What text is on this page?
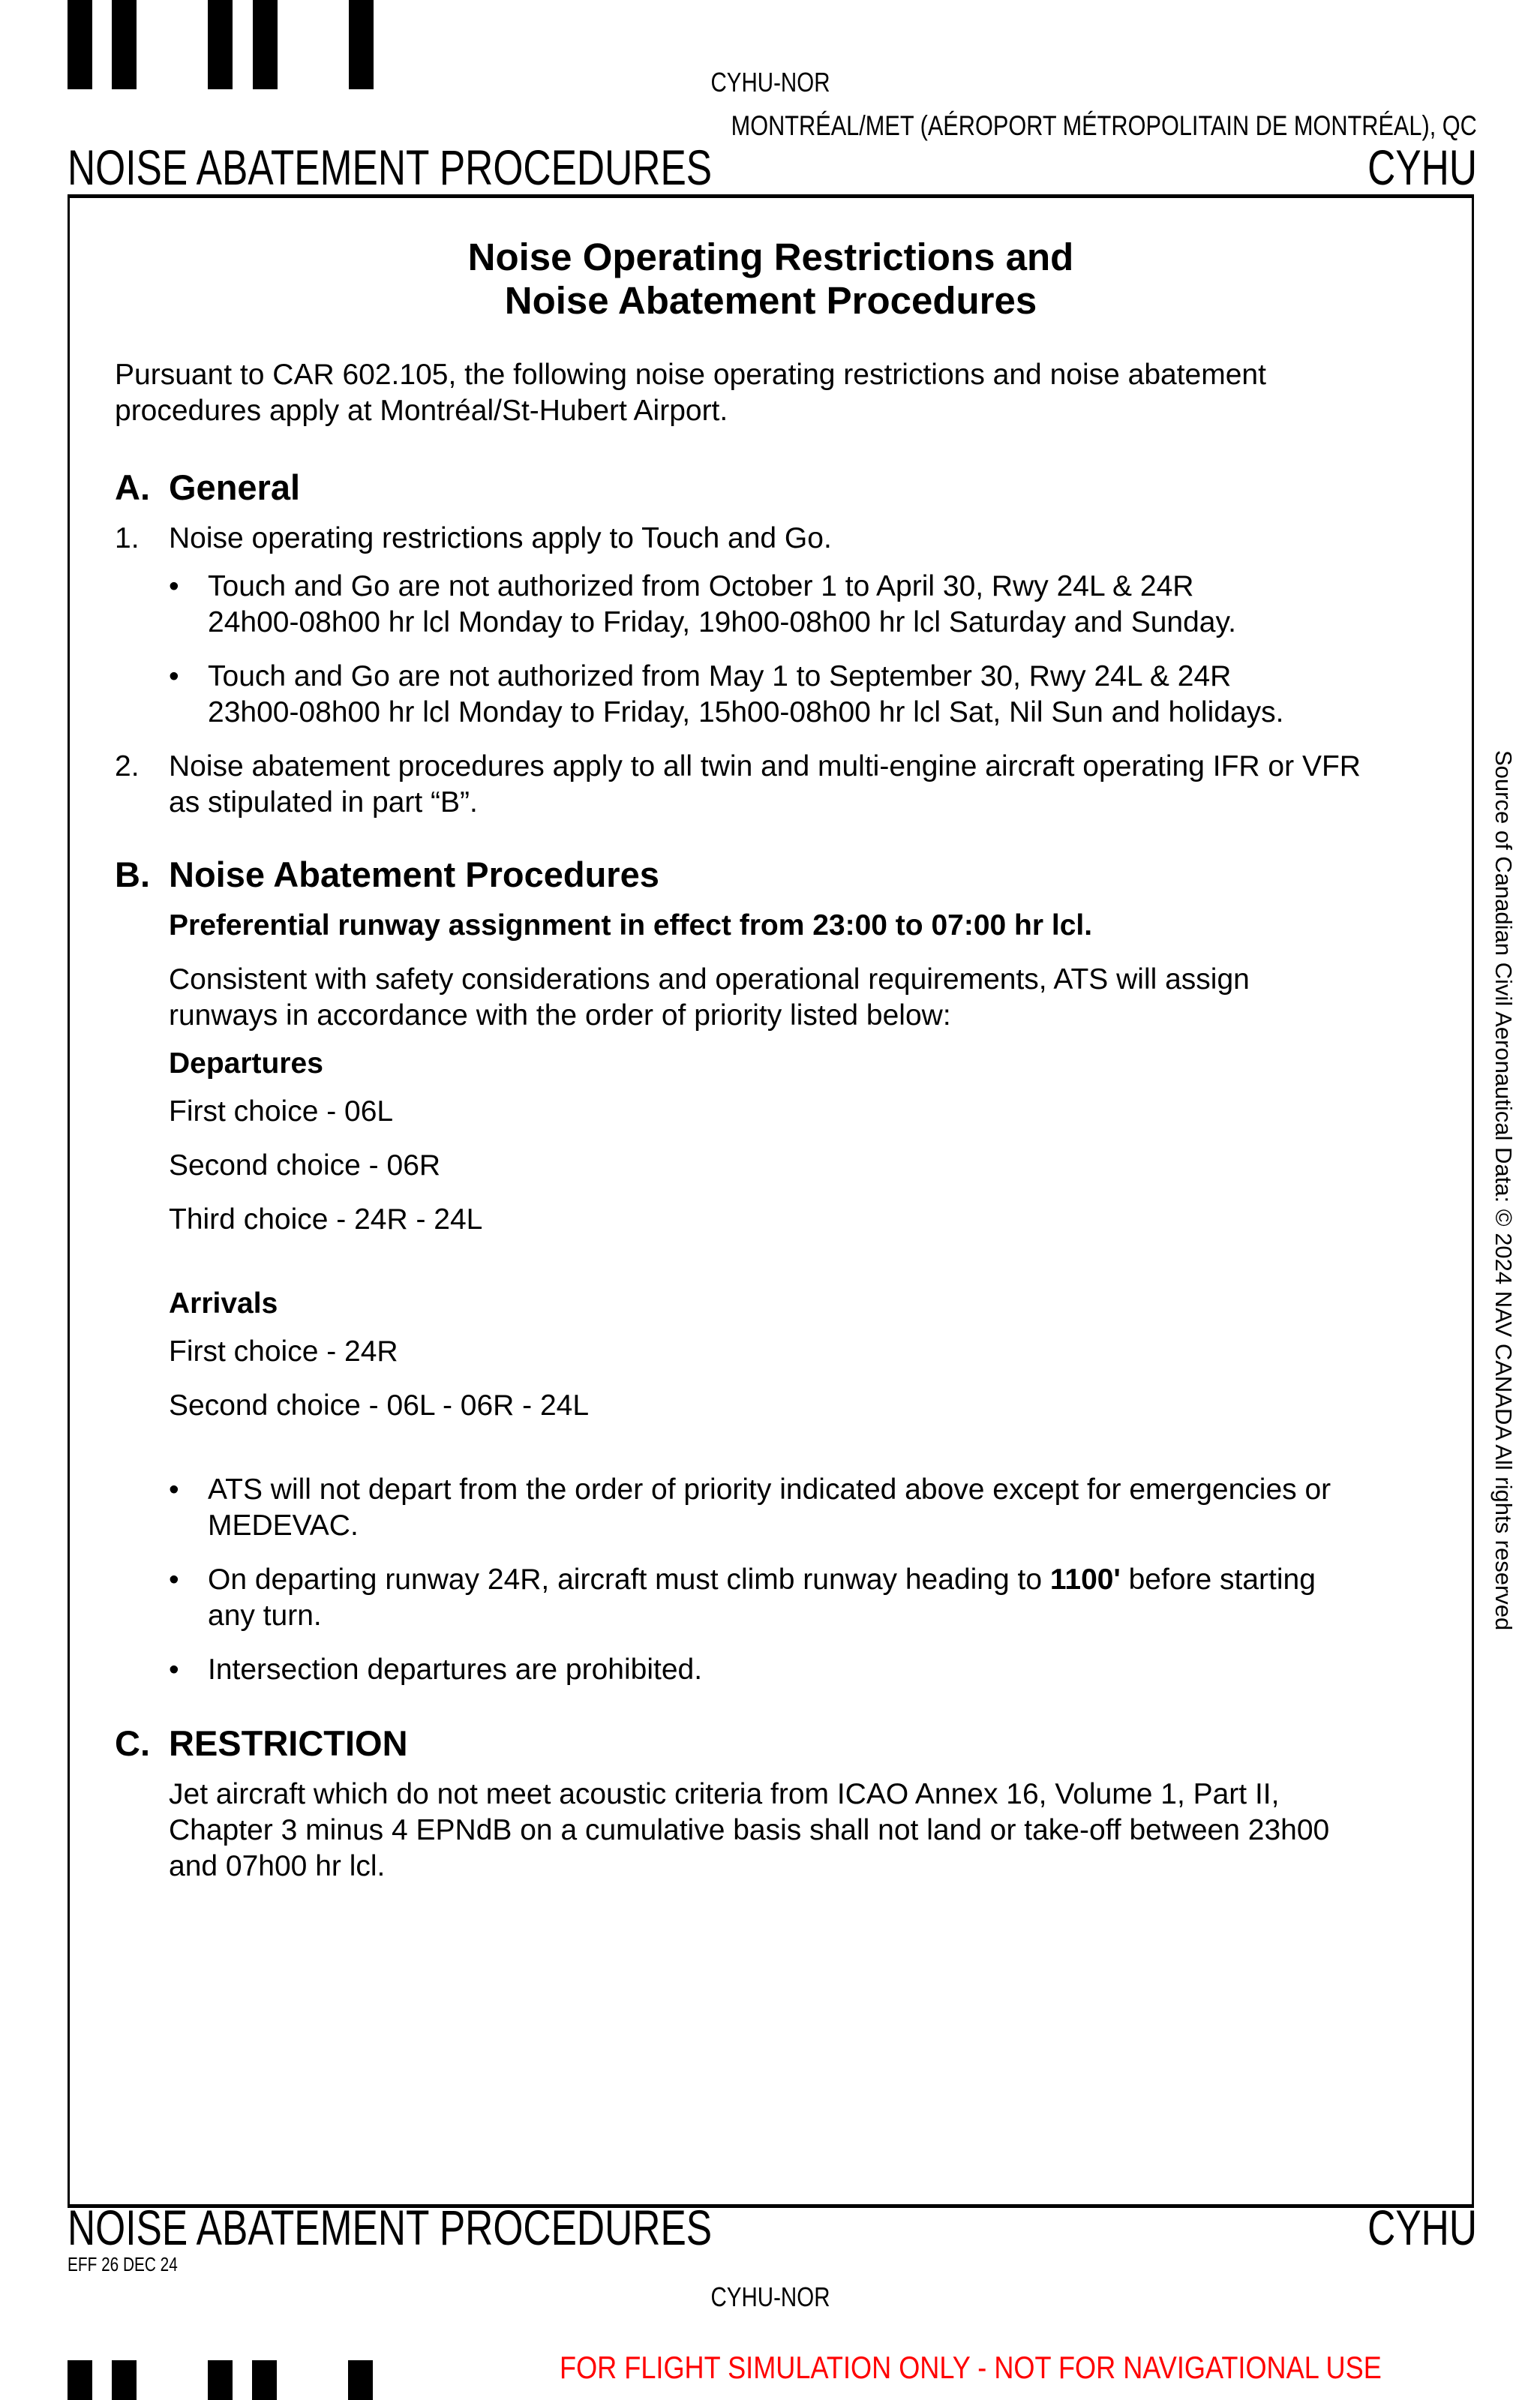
CYHU-NOR
MONTRÉAL/MET (AÉROPORT MÉTROPOLITAIN DE MONTRÉAL), QC
NOISE ABATEMENT PROCEDURES	CYHU
Noise Operating Restrictions and
Noise Abatement Procedures
Pursuant to CAR 602.105, the following noise operating restrictions and noise abatement
procedures apply at Montréal/St-Hubert Airport.
A. General
1. Noise operating restrictions apply to Touch and Go.
• Touch and Go are not authorized from October 1 to April 30, Rwy 24L & 24R
24h00-08h00 hr lcl Monday to Friday, 19h00-08h00 hr lcl Saturday and Sunday.
• Touch and Go are not authorized from May 1 to September 30, Rwy 24L & 24R
23h00-08h00 hr lcl Monday to Friday, 15h00-08h00 hr lcl Sat, Nil Sun and holidays.
2. Noise abatement procedures apply to all twin and multi-engine aircraft operating IFR or VFR
as stipulated in part “B”.
B. Noise Abatement Procedures
Preferential runway assignment in effect from 23:00 to 07:00 hr lcl.
Consistent with safety considerations and operational requirements, ATS will assign
runways in accordance with the order of priority listed below:
Departures
First choice - 06L
Second choice - 06R
Third choice - 24R - 24L
Arrivals
First choice - 24R
Second choice - 06L - 06R - 24L
• ATS will not depart from the order of priority indicated above except for emergencies or
MEDEVAC.
• On departing runway 24R, aircraft must climb runway heading to 1100' before starting
any turn.
• Intersection departures are prohibited.
C. RESTRICTION
Jet aircraft which do not meet acoustic criteria from ICAO Annex 16, Volume 1, Part II,
Chapter 3 minus 4 EPNdB on a cumulative basis shall not land or take-off between 23h00
and 07h00 hr lcl.
Source of Canadian Civil Aeronautical Data: © 2024 NAV CANADA All rights reserved
NOISE ABATEMENT PROCEDURES	CYHU
EFF 26 DEC 24
CYHU-NOR
FOR FLIGHT SIMULATION ONLY - NOT FOR NAVIGATIONAL USE
